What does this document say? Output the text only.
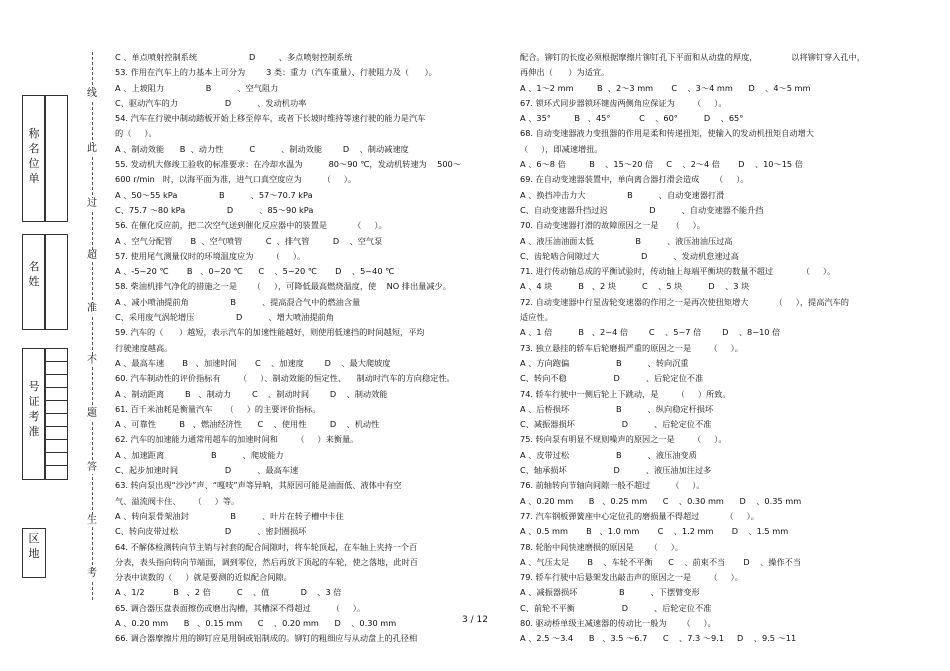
称
名
位
单
名
姓
号
证
考
准
区
地
线
此
过
超
准
不
题
答
生
考
C 、单点喷射控制系统                    D         、多点喷射控制系统
53. 作用在汽车上的力基本上可分为        3 类：重力（汽车重量）、行驶阻力及（      ）。
A 、上坡阻力                B          、空气阻力
C、驱动汽车的力                  D          、发动机功率
54. 汽车在行驶中制动踏板开始上移至停车，或者下长坡时维持等速行驶的能力是汽车
的（     ）。
A 、制动效能      B  、动力性          C          、制动效能        D    、制动减速度
55. 发动机大修竣工验收的标准要求：在冷却水温为          80～90 ℃，发动机转速为    500～
600 r/min   时，以海平面为准，进气口真空度应为        （     ）。
A 、50～55 kPa                B          、57～70.7 kPa
C、75.7 ～80 kPa                D          、85～90 kPa
56. 在催化反应前，把二次空气送到催化反应器中的装置是          （     ）。
A 、空气分配管       B  、空气喷管         C  、排气管         D    、空气泵
57. 使用尾气测量仪时的环境温度应为       （     ）。
A 、-5~20 ℃       B   、0~20 ℃      C    、5~20 ℃       D    、5~40 ℃
58. 柴油机排气净化的措施之一是      （     ），可降低最高燃烧温度，使    NO 排出量减少。
A 、减小喷油提前角                B          、提高混合气中的燃油含量
C、采用废气涡轮增压                D          、增大喷油提前角
59. 汽车的（      ）越短，表示汽车的加速性能越好，则使用低速挡的时间越短，平均
行驶速度越高。
A 、最高车速       B   、加速时间       C    、加速度        D    、最大爬坡度
60. 汽车制动性的评价指标有       （     ）、制动效能的恒定性、    制动时汽车的方向稳定性。
A 、制动距离        B   、制动力        C    、制动时间        D    、制动效能
61. 百千米油耗是衡量汽车     （     ）的主要评价指标。
A 、可靠性         B   、燃油经济性      C    、使用性         D    、机动性
62. 汽车的加速能力通常用超车的加速时间和       （     ）来衡量。
A 、加速距离                  B          、爬坡能力
C、起步加速时间                  D          、最高车速
63. 转向泵出现“沙沙”声、“嘎吱”声等异响，其原因可能是油面低、液体中有空
气、溢流阀卡住、     （     ）等。
A 、转向泵骨架油封                B          、叶片在转子槽中卡住
C、转向皮带过松                  D          、密封圈损坏
64. 不解体检测转向节主销与衬套的配合间隙时，将车轮顶起，在车轴上夹持一个百
分表，表头指向转向节端面，调到零位，然后再放下顶起的车轮，使之落地，此时百
分表中读数的（     ）就是要测的近似配合间隙。
A 、1/2           B   、2 倍          C    、值            D    、3 倍
65. 调合器压盘表面擦伤或磨出沟槽，其槽深不得超过        （     ）。
A 、0.20 mm      B   、0.15 mm      C    、0.20 mm      D    、0.30 mm
66. 调合器摩擦片用的铆钉应是用铜或铝制成的。铆钉的粗细应与从动盘上的孔径相
配合。铆钉的长度必须根据摩擦片铆钉孔下平面和从动盘的厚度，             以将铆钉穿入孔中，
再伸出（      ）为适宜。
A 、1～2 mm         B  、2～3 mm       C    、3～4 mm      D    、4～5 mm
67. 锁环式同步器锁环键齿两侧角应保证为       （     ）。
A 、35°         B   、45°           C    、60°          D    、65°
68. 自动变速器液力变扭器的作用是柔和传递扭矩，使输入的发动机扭矩自动增大
（     ），即减速增扭。
A 、6～8 倍         B    、15～20 倍     C    、2～4 倍       D    、10～15 倍
69. 在自动变速器装置中，单向离合器打滑会造成      （     ）。
A 、换挡冲击力大                B          、自动变速器打滑
C、自动变速器升挡过迟                D          、自动变速器不能升挡
70. 自动变速器打滑的故障原因之一是     （     ）。
A 、液压油油面太低                B          、液压油油压过高
C、齿轮啮合间隙过大                D          、发动机怠速过高
71. 进行传动轴总成的平衡试验时，传动轴上每端平衡块的数量不超过           （     ）。
A 、4 块          B   、2 块          C    、5 块          D    、3 块
72. 自动变速器中行星齿轮变速器的作用之一是再次使扭矩增大          （     ），提高汽车的
适应性。
A 、1 倍          B   、2~4 倍        C    、5~7 倍        D    、8~10 倍
73. 独立悬挂的轿车后轮磨损严重的原因之一是       （     ）。
A 、方向跑偏                  B          、转向沉重
C、转向不稳                  D          、后轮定位不准
74. 轿车行驶中一侧后轮上下跳动，是       （     ）所致。
A 、后桥损坏                  B          、纵向稳定杆损坏
C、减振器损坏                  D          、后轮定位不准
75. 转向泵有明显不规则噪声的原因之一是       （     ）。
A 、皮带过松                  B          、液压油变质
C、轴承损坏                  D          、液压油加注过多
76. 前轴转向节轴向间隙一般不超过        （     ）。
A 、0.20 mm      B   、0.25 mm      C    、0.30 mm      D    、0.35 mm
77. 汽车钢板弹簧座中心定位孔的磨损量不得超过          （     ）。
A 、0.5 mm       B   、1.0 mm       C    、1.2 mm       D    、1.5 mm
78. 轮胎中间快速磨损的原因是      （     ）。
A 、气压太足       B    、车轮不平衡      C    、前束不当       D    、操作不当
79. 轿车行驶中后悬架发出敲击声的原因之一是       （     ）。
A 、减振器损坏                B          、下摆臂变形
C、前轮不平衡                  D          、后轮定位不准
80. 驱动桥单级主减速器的传动比一般为      （     ）。
A 、2.5 ～3.4      B   、3.5 ～6.7      C    、7.3 ～9.1     D    、9.5 ～11
3 / 12
